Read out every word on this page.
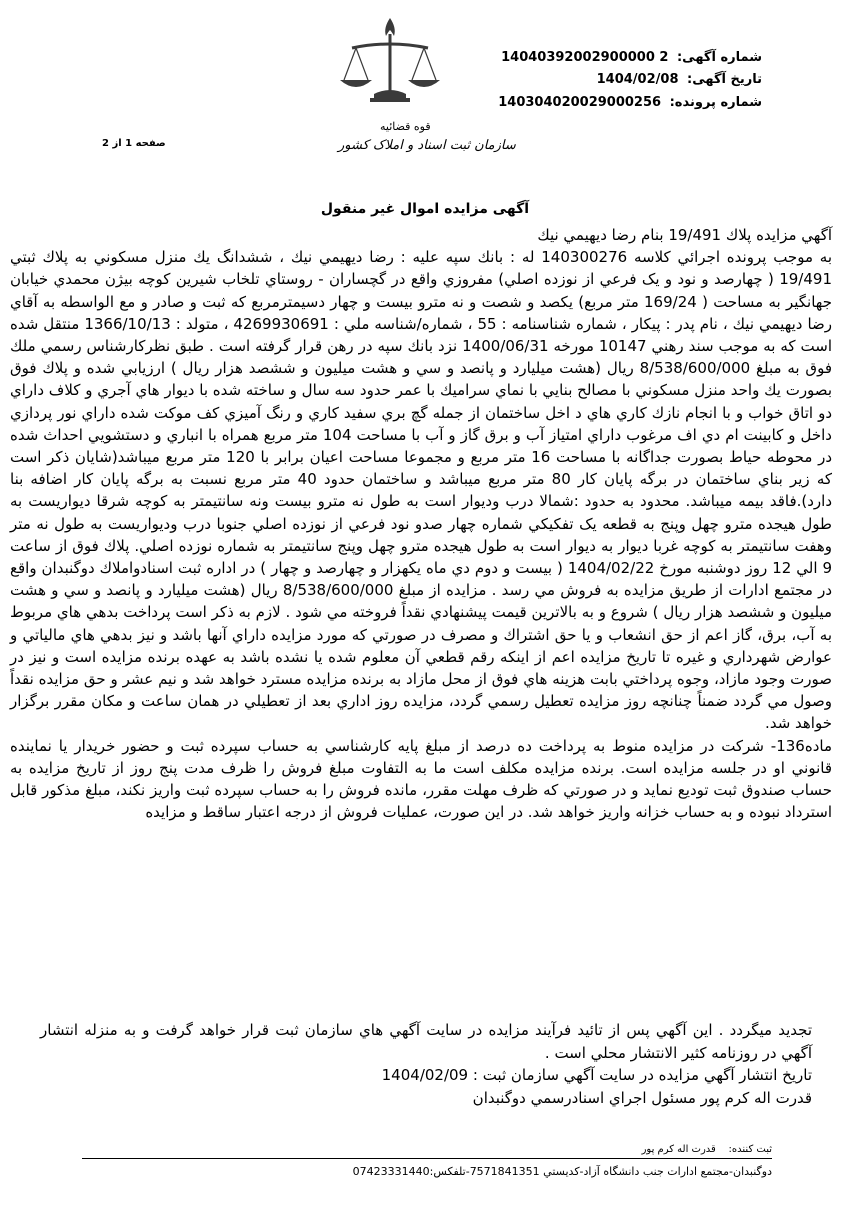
شماره آگهی: 14040392002900000 2
تاریخ آگهی: 1404/02/08
شماره پرونده: 140304020029000256
قوه قضائیه
سازمان ثبت اسناد و املاک کشور
صفحه 1 از 2
آگهی مزایده اموال غیر منقول

آگهي مزايده پلاك 19/491 بنام رضا ديهيمي نيك

به موجب پرونده اجرائي كلاسه 140300276 له : بانك سپه عليه : رضا ديهيمي نيك ، ششدانگ يك منزل مسكوني به پلاك ثبتي 19/491 ( چهارصد و نود و يک فرعي از نوزده اصلي) مفروزي واقع در گچساران - روستاي تلخاب شيرين كوچه بيژن محمدي خيابان جهانگير به مساحت ( 169/24 متر مربع) يكصد و شصت و نه مترو بيست و چهار دسيمترمربع كه ثبت و صادر و مع الواسطه به آقاي رضا ديهيمي نيك ، نام پدر : پيكار ، شماره شناسنامه : 55 ، شماره/شناسه ملي : 4269930691 ، متولد : 1366/10/13 منتقل شده است كه به موجب سند رهني 10147 مورخه 1400/06/31 نزد بانك سپه در رهن قرار گرفته است . طبق نظركارشناس رسمي ملك فوق به مبلغ 8/538/600/000 ريال (هشت ميليارد و پانصد و سي و هشت ميليون و ششصد هزار ريال ) ارزيابي شده و پلاك فوق بصورت يك واحد منزل مسكوني با مصالح بنايي با نماي سراميك با عمر حدود سه سال و ساخته شده با ديوار هاي آجري و كلاف داراي دو اتاق خواب و با انجام نازك كاري هاي د اخل ساختمان از جمله گچ بري سفيد كاري و رنگ آميزي كف موكت شده داراي نور پردازي داخل و كابينت ام دي اف مرغوب داراي امتياز آب و برق گاز و آب با مساحت 104 متر مربع همراه با انباري و دستشويي احداث شده در محوطه حياط بصورت جداگانه با مساحت 16 متر مربع و مجموعا مساحت اعيان برابر با 120 متر مربع ميباشد(شايان ذكر است كه زير بناي ساختمان در برگه پايان كار 80 متر مربع ميباشد و ساختمان حدود 40 متر مربع نسبت به برگه پايان كار اضافه بنا دارد).فاقد بيمه ميباشد. محدود به حدود :شمالا درب وديوار است به طول نه مترو بيست ونه سانتيمتر به كوچه شرقا ديواريست به طول هيجده مترو چهل وپنج به قطعه يک تفكيكي شماره چهار صدو نود فرعي از نوزده اصلي جنوبا درب وديواريست به طول نه متر وهفت سانتيمتر به كوچه غربا ديوار به ديوار است به طول هيجده مترو چهل وپنج سانتيمتر به شماره نوزده اصلي. پلاك فوق از ساعت 9 الي 12 روز دوشنبه مورخ 1404/02/22 ( بيست و دوم دي ماه يكهزار و چهارصد و چهار ) در اداره ثبت اسنادواملاك دوگنبدان واقع در مجتمع ادارات از طريق مزايده به فروش مي رسد . مزايده از مبلغ 8/538/600/000 ريال (هشت ميليارد و پانصد و سي و هشت ميليون و ششصد هزار ريال ) شروع و به بالاترين قيمت پيشنهادي نقداً فروخته مي شود . لازم به ذكر است پرداخت بدهي هاي مربوط به آب، برق، گاز اعم از حق انشعاب و يا حق اشتراك و مصرف در صورتي كه مورد مزايده داراي آنها باشد و نيز بدهي هاي مالياتي و عوارض شهرداري و غيره تا تاريخ مزايده اعم از اينكه رقم قطعي آن معلوم شده يا نشده باشد به عهده برنده مزايده است و نيز در صورت وجود مازاد، وجوه پرداختي بابت هزينه هاي فوق از محل مازاد به برنده مزايده مسترد خواهد شد و نيم عشر و حق مزايده نقداً وصول مي گردد ضمناً چنانچه روز مزايده تعطيل رسمي گردد، مزايده روز اداري بعد از تعطيلي در همان ساعت و مكان مقرر برگزار خواهد شد.

ماده136- شركت در مزايده منوط به پرداخت ده درصد از مبلغ پايه كارشناسي به حساب سپرده ثبت و حضور خريدار يا نماينده قانوني او در جلسه مزايده است. برنده مزايده مكلف است ما به التفاوت مبلغ فروش را ظرف مدت پنج روز از تاريخ مزايده به حساب صندوق ثبت توديع نمايد و در صورتي كه ظرف مهلت مقرر، مانده فروش را به حساب سپرده ثبت واريز نكند، مبلغ مذكور قابل استرداد نبوده و به حساب خزانه واريز خواهد شد. در اين صورت، عمليات فروش از درجه اعتبار ساقط و مزايده

تجديد ميگردد . اين آگهي پس از تائيد فرآيند مزايده در سايت آگهي هاي سازمان ثبت قرار خواهد گرفت و به منزله انتشار آگهي در روزنامه كثير الانتشار محلي است .

تاريخ انتشار آگهي مزايده در سايت آگهي سازمان ثبت : 1404/02/09

قدرت اله كرم پور مسئول اجراي اسنادرسمي دوگنبدان

ثبت كننده:    قدرت اله كرم پور
دوگنبدان-مجتمع ادارات جنب دانشگاه آزاد-كديستي 7571841351-تلفكس:07423331440
